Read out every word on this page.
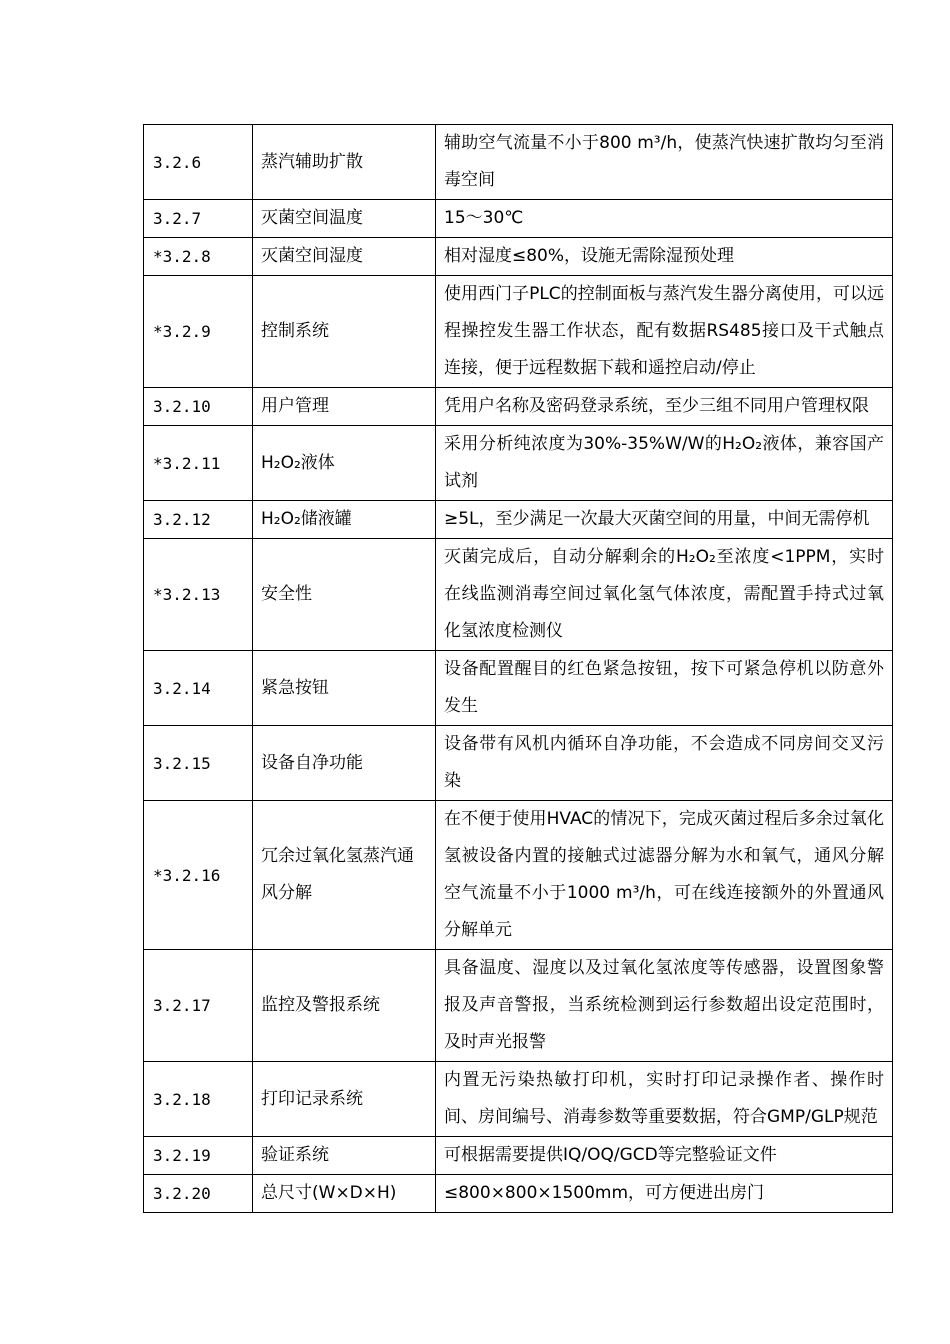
3.2.6	蒸汽辅助扩散	辅助空气流量不小于800 m³/h，使蒸汽快速扩散均匀至消毒空间
3.2.7	灭菌空间温度	15～30℃
*3.2.8	灭菌空间湿度	相对湿度≤80%，设施无需除湿预处理
*3.2.9	控制系统	使用西门子PLC的控制面板与蒸汽发生器分离使用，可以远程操控发生器工作状态，配有数据RS485接口及干式触点连接，便于远程数据下载和遥控启动/停止
3.2.10	用户管理	凭用户名称及密码登录系统，至少三组不同用户管理权限
*3.2.11	H₂O₂液体	采用分析纯浓度为30%-35%W/W的H₂O₂液体，兼容国产试剂
3.2.12	H₂O₂储液罐	≥5L，至少满足一次最大灭菌空间的用量，中间无需停机
*3.2.13	安全性	灭菌完成后，自动分解剩余的H₂O₂至浓度<1PPM，实时在线监测消毒空间过氧化氢气体浓度，需配置手持式过氧化氢浓度检测仪
3.2.14	紧急按钮	设备配置醒目的红色紧急按钮，按下可紧急停机以防意外发生
3.2.15	设备自净功能	设备带有风机内循环自净功能，不会造成不同房间交叉污染
*3.2.16	冗余过氧化氢蒸汽通风分解	在不便于使用HVAC的情况下，完成灭菌过程后多余过氧化氢被设备内置的接触式过滤器分解为水和氧气，通风分解空气流量不小于1000 m³/h，可在线连接额外的外置通风分解单元
3.2.17	监控及警报系统	具备温度、湿度以及过氧化氢浓度等传感器，设置图象警报及声音警报，当系统检测到运行参数超出设定范围时，及时声光报警
3.2.18	打印记录系统	内置无污染热敏打印机，实时打印记录操作者、操作时间、房间编号、消毒参数等重要数据，符合GMP/GLP规范
3.2.19	验证系统	可根据需要提供IQ/OQ/GCD等完整验证文件
3.2.20	总尺寸(W×D×H)	≤800×800×1500mm，可方便进出房门
